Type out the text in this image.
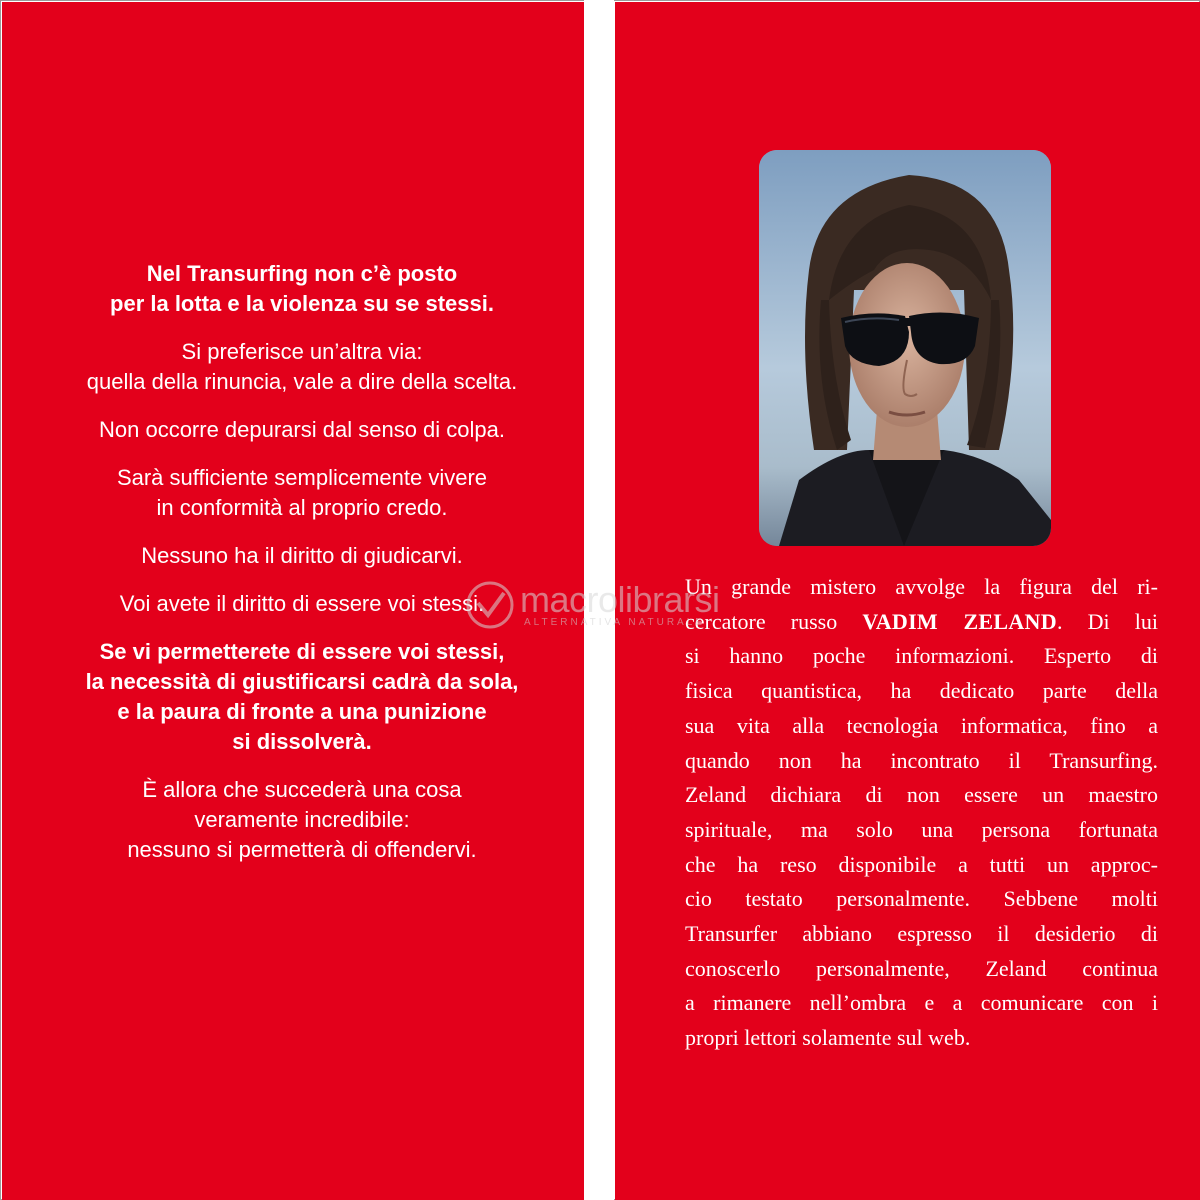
Nel Transurfing non c’è posto
per la lotta e la violenza su se stessi.

Si preferisce un’altra via:
quella della rinuncia, vale a dire della scelta.

Non occorre depurarsi dal senso di colpa.

Sarà sufficiente semplicemente vivere
in conformità al proprio credo.

Nessuno ha il diritto di giudicarvi.

Voi avete il diritto di essere voi stessi.

Se vi permetterete di essere voi stessi,
la necessità di giustificarsi cadrà da sola,
e la paura di fronte a una punizione
si dissolverà.

È allora che succederà una cosa
veramente incredibile:
nessuno si permetterà di offendervi.

Un grande mistero avvolge la figura del ri-
cercatore russo VADIM ZELAND. Di lui
si hanno poche informazioni. Esperto di
fisica quantistica, ha dedicato parte della
sua vita alla tecnologia informatica, fino a
quando non ha incontrato il Transurfing.
Zeland dichiara di non essere un maestro
spirituale, ma solo una persona fortunata
che ha reso disponibile a tutti un approc-
cio testato personalmente. Sebbene molti
Transurfer abbiano espresso il desiderio di
conoscerlo personalmente, Zeland continua
a rimanere nell’ombra e a comunicare con i
propri lettori solamente sul web.
macrolibrarsi
ALTERNATIVA NATURALE
